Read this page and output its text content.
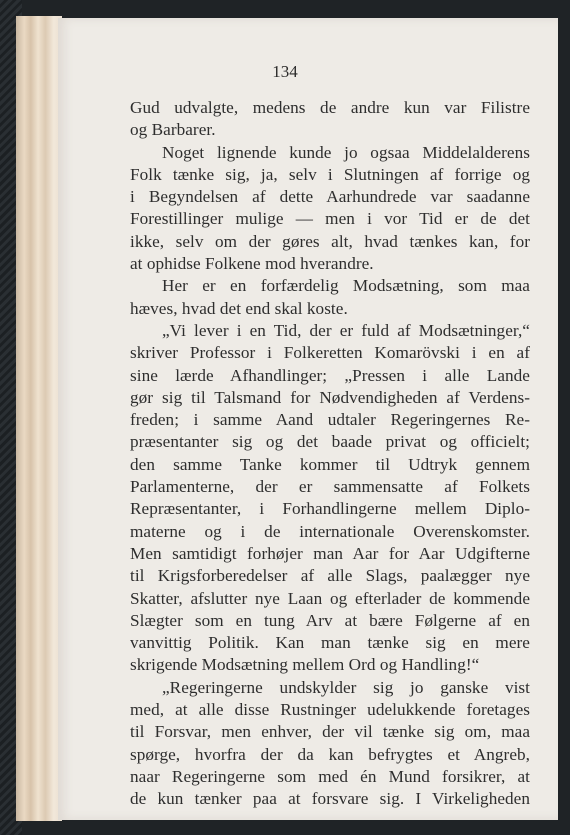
134

Gud udvalgte, medens de andre kun var Filistre
og Barbarer.
Noget lignende kunde jo ogsaa Middelalderens
Folk tænke sig, ja, selv i Slutningen af forrige og
i Begyndelsen af dette Aarhundrede var saadanne
Forestillinger mulige — men i vor Tid er de det
ikke, selv om der gøres alt, hvad tænkes kan, for
at ophidse Folkene mod hverandre.
Her er en forfærdelig Modsætning, som maa
hæves, hvad det end skal koste.
„Vi lever i en Tid, der er fuld af Modsætninger,“
skriver Professor i Folkeretten Komarövski i en af
sine lærde Afhandlinger; „Pressen i alle Lande
gør sig til Talsmand for Nødvendigheden af Verdens-
freden; i samme Aand udtaler Regeringernes Re-
præsentanter sig og det baade privat og officielt;
den samme Tanke kommer til Udtryk gennem
Parlamenterne, der er sammensatte af Folkets
Repræsentanter, i Forhandlingerne mellem Diplo-
materne og i de internationale Overenskomster.
Men samtidigt forhøjer man Aar for Aar Udgifterne
til Krigsforberedelser af alle Slags, paalægger nye
Skatter, afslutter nye Laan og efterlader de kommende
Slægter som en tung Arv at bære Følgerne af en
vanvittig Politik. Kan man tænke sig en mere
skrigende Modsætning mellem Ord og Handling!“
„Regeringerne undskylder sig jo ganske vist
med, at alle disse Rustninger udelukkende foretages
til Forsvar, men enhver, der vil tænke sig om, maa
spørge, hvorfra der da kan befrygtes et Angreb,
naar Regeringerne som med én Mund forsikrer, at
de kun tænker paa at forsvare sig. I Virkeligheden
